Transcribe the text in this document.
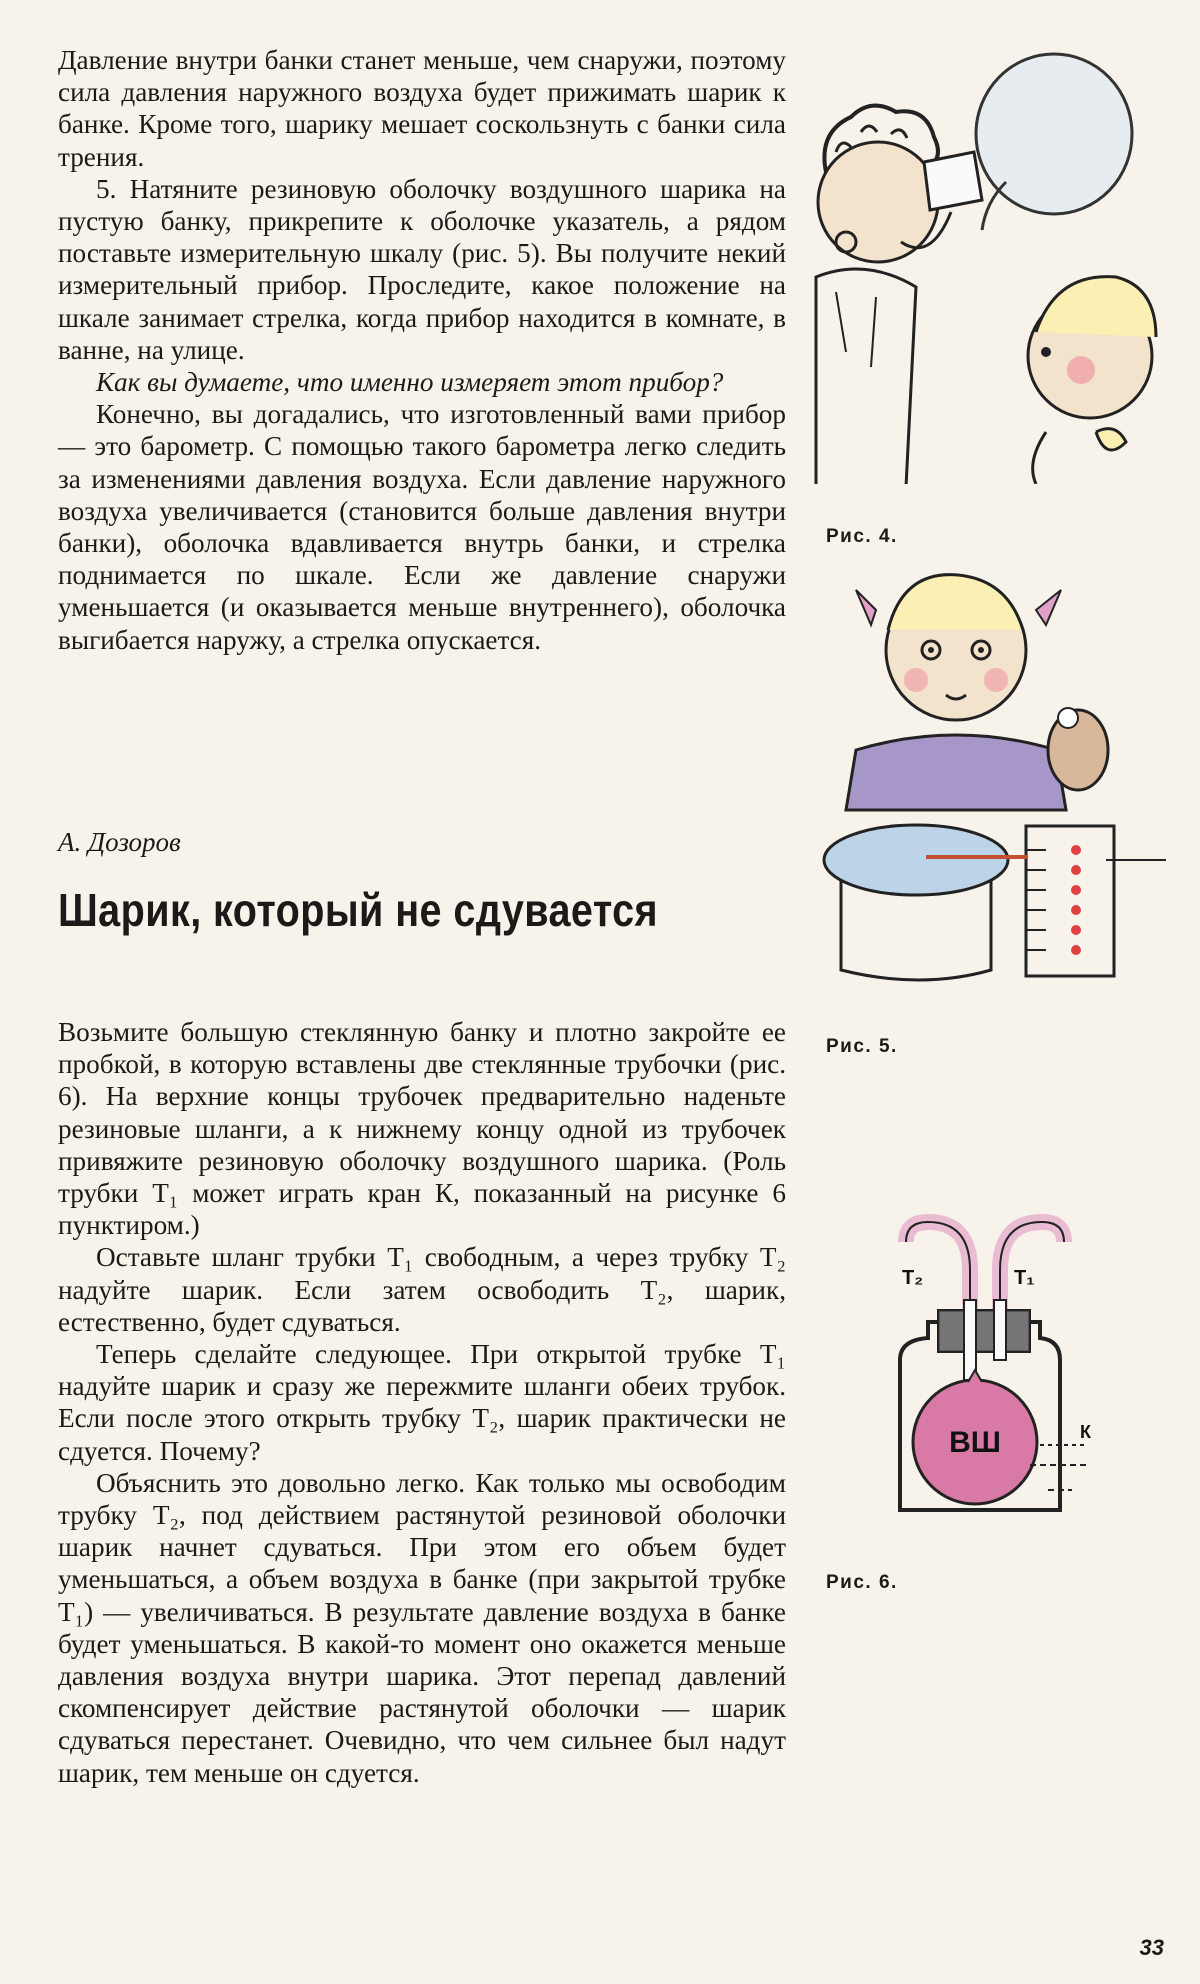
Давление внутри банки станет меньше, чем снаружи, поэтому сила давления наружного воздуха будет прижимать шарик к банке. Кроме того, шарику мешает соскользнуть с банки сила трения.

5. Натяните резиновую оболочку воздушного шарика на пустую банку, прикрепите к оболочке указатель, а рядом поставьте измерительную шкалу (рис. 5). Вы получите некий измерительный прибор. Проследите, какое положение на шкале занимает стрелка, когда прибор находится в комнате, в ванне, на улице.

Как вы думаете, что именно измеряет этот прибор?

Конечно, вы догадались, что изготовленный вами прибор — это барометр. С помощью такого барометра легко следить за изменениями давления воздуха. Если давление наружного воздуха увеличивается (становится больше давления внутри банки), оболочка вдавливается внутрь банки, и стрелка поднимается по шкале. Если же давление снаружи уменьшается (и оказывается меньше внутреннего), оболочка выгибается наружу, а стрелка опускается.

А. Дозоров

Шарик, который не сдувается

Возьмите большую стеклянную банку и плотно закройте ее пробкой, в которую вставлены две стеклянные трубочки (рис. 6). На верхние концы трубочек предварительно наденьте резиновые шланги, а к нижнему концу одной из трубочек привяжите резиновую оболочку воздушного шарика. (Роль трубки Т₁ может играть кран К, показанный на рисунке 6 пунктиром.)

Оставьте шланг трубки Т₁ свободным, а через трубку Т₂ надуйте шарик. Если затем освободить Т₂, шарик, естественно, будет сдуваться.

Теперь сделайте следующее. При открытой трубке Т₁ надуйте шарик и сразу же пережмите шланги обеих трубок. Если после этого открыть трубку Т₂, шарик практически не сдуется. Почему?

Объяснить это довольно легко. Как только мы освободим трубку Т₂, под действием растянутой резиновой оболочки шарик начнет сдуваться. При этом его объем будет уменьшаться, а объем воздуха в банке (при закрытой трубке Т₁) — увеличиваться. В результате давление воздуха в банке будет уменьшаться. В какой-то момент оно окажется меньше давления воздуха внутри шарика. Этот перепад давлений скомпенсирует действие растянутой оболочки — шарик сдуваться перестанет. Очевидно, что чем сильнее был надут шарик, тем меньше он сдуется.

Рис. 4.
Рис. 5.
Т₂	Т₁
ВШ	К
Рис. 6.
33
